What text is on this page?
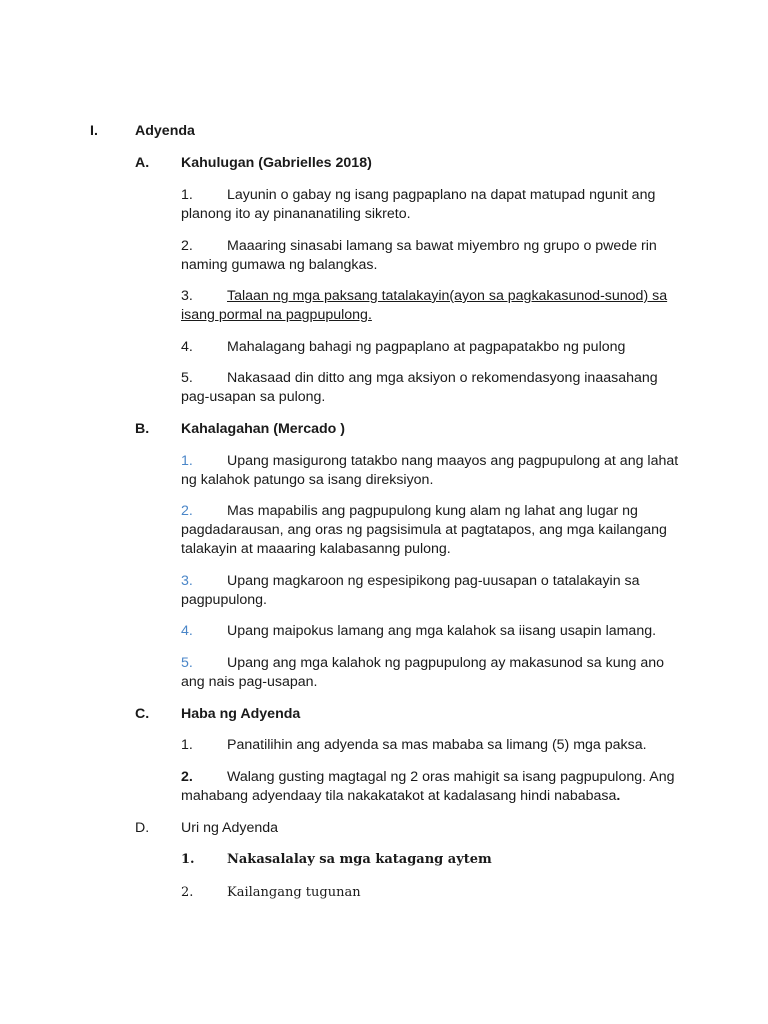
I.	Adyenda
A. Kahulugan (Gabrielles 2018)
1. Layunin o gabay ng isang pagpaplano na dapat matupad ngunit ang planong ito ay pinananatiling sikreto.
2. Maaaring sinasabi lamang sa bawat miyembro ng grupo o pwede rin naming gumawa ng balangkas.
3. Talaan ng mga paksang tatalakayin(ayon sa pagkakasunod-sunod) sa isang pormal na pagpupulong.
4. Mahalagang bahagi ng pagpaplano at pagpapatakbo ng pulong
5. Nakasaad din ditto ang mga aksiyon o rekomendasyong inaasahang pag-usapan sa pulong.
B. Kahalagahan (Mercado )
1. Upang masigurong tatakbo nang maayos ang pagpupulong at ang lahat ng kalahok patungo sa isang direksiyon.
2. Mas mapabilis ang pagpupulong kung alam ng lahat ang lugar ng pagdadarausan, ang oras ng pagsisimula at pagtatapos, ang mga kailangang talakayin at maaaring kalabasanng pulong.
3. Upang magkaroon ng espesipikong pag-uusapan o tatalakayin sa pagpupulong.
4. Upang maipokus lamang ang mga kalahok sa iisang usapin lamang.
5. Upang ang mga kalahok ng pagpupulong ay makasunod sa kung ano ang nais pag-usapan.
C. Haba ng Adyenda
1. Panatilihin ang adyenda sa mas mababa sa limang (5) mga paksa.
2. Walang gusting magtagal ng 2 oras mahigit sa isang pagpupulong. Ang mahabang adyendaay tila nakakatakot at kadalasang hindi nababasa.
D. Uri ng Adyenda
1. Nakasalalay sa mga katagang aytem
2.	Kailangang tugunan
